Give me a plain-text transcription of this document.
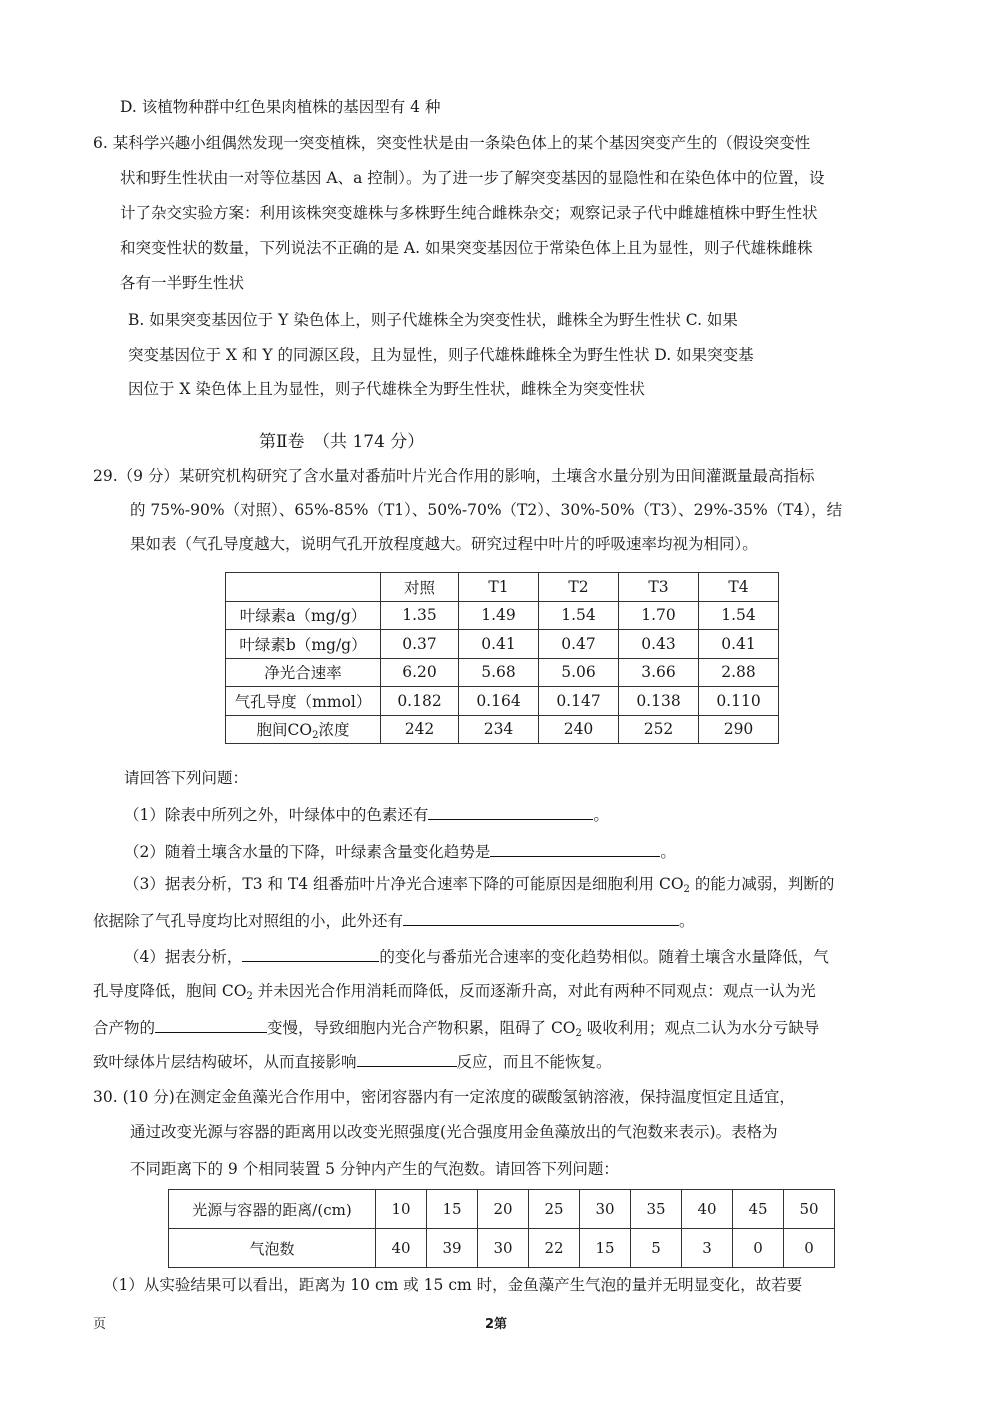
D. 该植物种群中红色果肉植株的基因型有 4 种
6. 某科学兴趣小组偶然发现一突变植株，突变性状是由一条染色体上的某个基因突变产生的（假设突变性
状和野生性状由一对等位基因 A、a 控制）。为了进一步了解突变基因的显隐性和在染色体中的位置，设
计了杂交实验方案：利用该株突变雄株与多株野生纯合雌株杂交；观察记录子代中雌雄植株中野生性状
和突变性状的数量，下列说法不正确的是 A. 如果突变基因位于常染色体上且为显性，则子代雄株雌株
各有一半野生性状
B. 如果突变基因位于 Y 染色体上，则子代雄株全为突变性状，雌株全为野生性状 C. 如果
突变基因位于 X 和 Y 的同源区段，且为显性，则子代雄株雌株全为野生性状 D. 如果突变基
因位于 X 染色体上且为显性，则子代雄株全为野生性状，雌株全为突变性状
第Ⅱ卷　（共 174 分）
29.（9 分）某研究机构研究了含水量对番茄叶片光合作用的影响，土壤含水量分别为田间灌溉量最高指标
的 75%-90%（对照）、65%-85%（T1）、50%-70%（T2）、30%-50%（T3）、29%-35%（T4），结
果如表（气孔导度越大，说明气孔开放程度越大。研究过程中叶片的呼吸速率均视为相同）。
	对照	T1	T2	T3	T4
叶绿素a（mg/g）	1.35	1.49	1.54	1.70	1.54
叶绿素b（mg/g）	0.37	0.41	0.47	0.43	0.41
净光合速率	6.20	5.68	5.06	3.66	2.88
气孔导度（mmol）	0.182	0.164	0.147	0.138	0.110
胞间$CO_2$浓度	242	234	240	252	290
请回答下列问题：
（1）除表中所列之外，叶绿体中的色素还有	。
（2）随着土壤含水量的下降，叶绿素含量变化趋势是	。
（3）据表分析，T3 和 T4 组番茄叶片净光合速率下降的可能原因是细胞利用 $CO_2$ 的能力减弱，判断的
依据除了气孔导度均比对照组的小，此外还有	。
（4）据表分析，	的变化与番茄光合速率的变化趋势相似。随着土壤含水量降低，气
孔导度降低，胞间 $CO_2$ 并未因光合作用消耗而降低，反而逐渐升高，对此有两种不同观点：观点一认为光
合产物的	变慢，导致细胞内光合产物积累，阻碍了 $CO_2$ 吸收利用；观点二认为水分亏缺导
致叶绿体片层结构破坏，从而直接影响	反应，而且不能恢复。
30. (10 分)在测定金鱼藻光合作用中，密闭容器内有一定浓度的碳酸氢钠溶液，保持温度恒定且适宜，
通过改变光源与容器的距离用以改变光照强度(光合强度用金鱼藻放出的气泡数来表示)。表格为
不同距离下的 9 个相同装置 5 分钟内产生的气泡数。请回答下列问题：
光源与容器的距离/(cm)	10	15	20	25	30	35	40	45	50
气泡数	40	39	30	22	15	5	3	0	0
（1）从实验结果可以看出，距离为 10 cm 或 15 cm 时，金鱼藻产生气泡的量并无明显变化，故若要
页	2第
